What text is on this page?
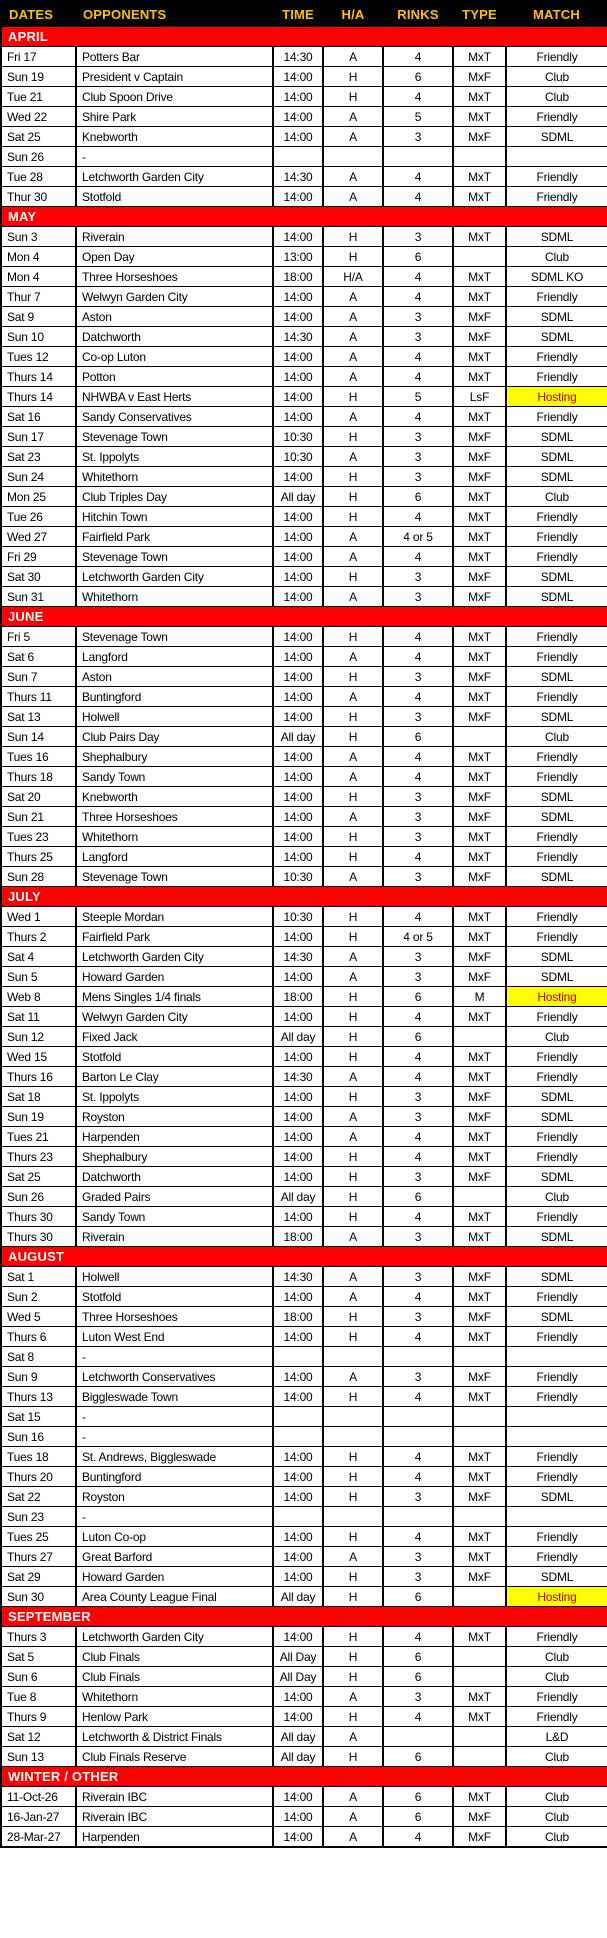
DATES	OPPONENTS	TIME	H/A	RINKS	TYPE	MATCH
APRIL						
Fri 17	Potters Bar	14:30	A	4	MxT	Friendly
Sun 19	President v Captain	14:00	H	6	MxF	Club
Tue 21	Club Spoon Drive	14:00	H	4	MxT	Club
Wed 22	Shire Park	14:00	A	5	MxT	Friendly
Sat 25	Knebworth	14:00	A	3	MxF	SDML
Sun 26	-					
Tue 28	Letchworth Garden City	14:30	A	4	MxT	Friendly
Thur 30	Stotfold	14:00	A	4	MxT	Friendly
MAY						
Sun 3	Riverain	14:00	H	3	MxT	SDML
Mon 4	Open Day	13:00	H	6		Club
Mon 4	Three Horseshoes	18:00	H/A	4	MxT	SDML KO
Thur 7	Welwyn Garden City	14:00	A	4	MxT	Friendly
Sat 9	Aston	14:00	A	3	MxF	SDML
Sun 10	Datchworth	14:30	A	3	MxF	SDML
Tues 12	Co-op Luton	14:00	A	4	MxT	Friendly
Thurs 14	Potton	14:00	A	4	MxT	Friendly
Thurs 14	NHWBA v East Herts	14:00	H	5	LsF	Hosting
Sat 16	Sandy Conservatives	14:00	A	4	MxT	Friendly
Sun 17	Stevenage Town	10:30	H	3	MxF	SDML
Sat 23	St. Ippolyts	10:30	A	3	MxF	SDML
Sun 24	Whitethorn	14:00	H	3	MxF	SDML
Mon 25	Club Triples Day	All day	H	6	MxT	Club
Tue 26	Hitchin Town	14:00	H	4	MxT	Friendly
Wed 27	Fairfield Park	14:00	A	4 or 5	MxT	Friendly
Fri 29	Stevenage Town	14:00	A	4	MxT	Friendly
Sat 30	Letchworth Garden City	14:00	H	3	MxF	SDML
Sun 31	Whitethorn	14:00	A	3	MxF	SDML
JUNE						
Fri 5	Stevenage Town	14:00	H	4	MxT	Friendly
Sat 6	Langford	14:00	A	4	MxT	Friendly
Sun 7	Aston	14:00	H	3	MxF	SDML
Thurs 11	Buntingford	14:00	A	4	MxT	Friendly
Sat 13	Holwell	14:00	H	3	MxF	SDML
Sun 14	Club Pairs Day	All day	H	6		Club
Tues 16	Shephalbury	14:00	A	4	MxT	Friendly
Thurs 18	Sandy Town	14:00	A	4	MxT	Friendly
Sat 20	Knebworth	14:00	H	3	MxF	SDML
Sun 21	Three Horseshoes	14:00	A	3	MxF	SDML
Tues 23	Whitethorn	14:00	H	3	MxT	Friendly
Thurs 25	Langford	14:00	H	4	MxT	Friendly
Sun 28	Stevenage Town	10:30	A	3	MxF	SDML
JULY						
Wed 1	Steeple Mordan	10:30	H	4	MxT	Friendly
Thurs 2	Fairfield Park	14:00	H	4 or 5	MxT	Friendly
Sat 4	Letchworth Garden City	14:30	A	3	MxF	SDML
Sun 5	Howard Garden	14:00	A	3	MxF	SDML
Web 8	Mens Singles 1/4 finals	18:00	H	6	M	Hosting
Sat 11	Welwyn Garden City	14:00	H	4	MxT	Friendly
Sun 12	Fixed Jack	All day	H	6		Club
Wed 15	Stotfold	14:00	H	4	MxT	Friendly
Thurs 16	Barton Le Clay	14:30	A	4	MxT	Friendly
Sat 18	St. Ippolyts	14:00	H	3	MxF	SDML
Sun 19	Royston	14:00	A	3	MxF	SDML
Tues 21	Harpenden	14:00	A	4	MxT	Friendly
Thurs 23	Shephalbury	14:00	H	4	MxT	Friendly
Sat 25	Datchworth	14:00	H	3	MxF	SDML
Sun 26	Graded Pairs	All day	H	6		Club
Thurs 30	Sandy Town	14:00	H	4	MxT	Friendly
Thurs 30	Riverain	18:00	A	3	MxT	SDML
AUGUST						
Sat 1	Holwell	14:30	A	3	MxF	SDML
Sun 2	Stotfold	14:00	A	4	MxT	Friendly
Wed 5	Three Horseshoes	18:00	H	3	MxF	SDML
Thurs 6	Luton West End	14:00	H	4	MxT	Friendly
Sat 8	-					
Sun 9	Letchworth Conservatives	14:00	A	3	MxF	Friendly
Thurs 13	Biggleswade Town	14:00	H	4	MxT	Friendly
Sat 15	-					
Sun 16	-					
Tues 18	St. Andrews, Biggleswade	14:00	H	4	MxT	Friendly
Thurs 20	Buntingford	14:00	H	4	MxT	Friendly
Sat 22	Royston	14:00	H	3	MxF	SDML
Sun 23	-					
Tues 25	Luton Co-op	14:00	H	4	MxT	Friendly
Thurs 27	Great Barford	14:00	A	3	MxT	Friendly
Sat 29	Howard Garden	14:00	H	3	MxF	SDML
Sun 30	Area County League Final	All day	H	6		Hosting
SEPTEMBER						
Thurs 3	Letchworth Garden City	14:00	H	4	MxT	Friendly
Sat 5	Club Finals	All Day	H	6		Club
Sun 6	Club Finals	All Day	H	6		Club
Tue 8	Whitethorn	14:00	A	3	MxT	Friendly
Thurs 9	Henlow Park	14:00	H	4	MxT	Friendly
Sat 12	Letchworth & District Finals	All day	A			L&D
Sun 13	Club Finals Reserve	All day	H	6		Club
WINTER / OTHER						
11-Oct-26	Riverain IBC	14:00	A	6	MxT	Club
16-Jan-27	Riverain IBC	14:00	A	6	MxF	Club
28-Mar-27	Harpenden	14:00	A	4	MxF	Club
